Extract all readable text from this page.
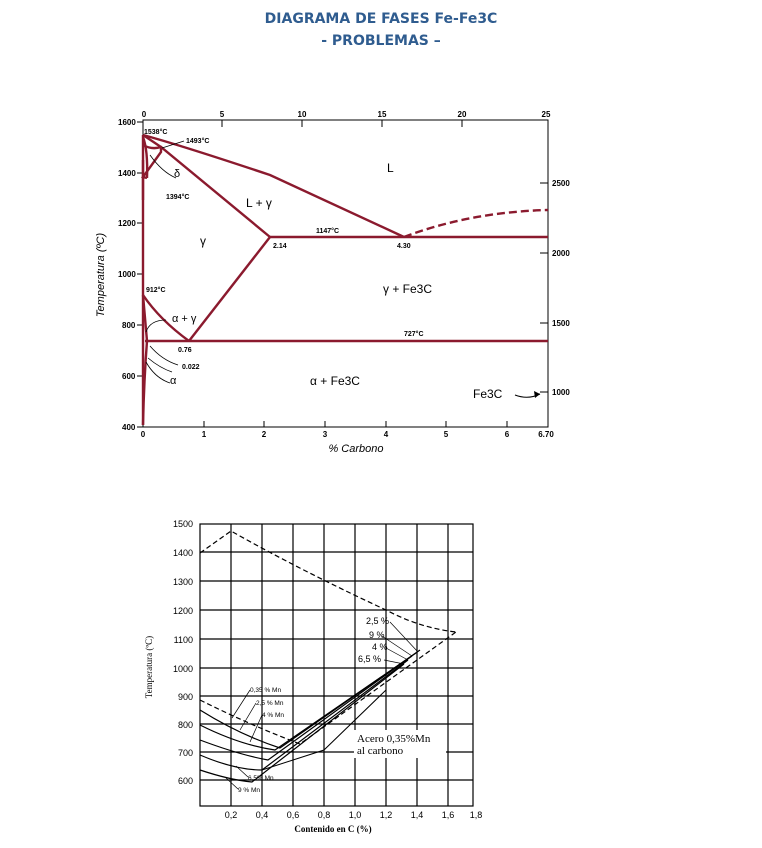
DIAGRAMA DE FASES Fe-Fe3C
- PROBLEMAS –
1600
1400
1200
1000
800
600
400
Temperatura (ºC)
0	1	2	3	4	5	6	6.70
% Carbono
0	5	10	15	20	25
2500
2000
1500
1000
1538°C
1493°C
1394°C
912°C
1147°C
727°C
2.14	4.30
0.76
0.022
L
δ
L + γ
γ
γ + Fe3C
α + γ
α	α + Fe3C
Fe3C
1500
1400
1300
1200
1100
1000
900
800
700
600
Temperatura (ºC)
0,2 0,4 0,6 0,8 1,0 1,2 1,4 1,6 1,8
Contenido en C (%)
2,5 %
9 %
4 %
6,5 %
0,35 % Mn
2,5 % Mn
4 % Mn
6,5% Mn
9 % Mn
Acero 0,35%Mn
al carbono
